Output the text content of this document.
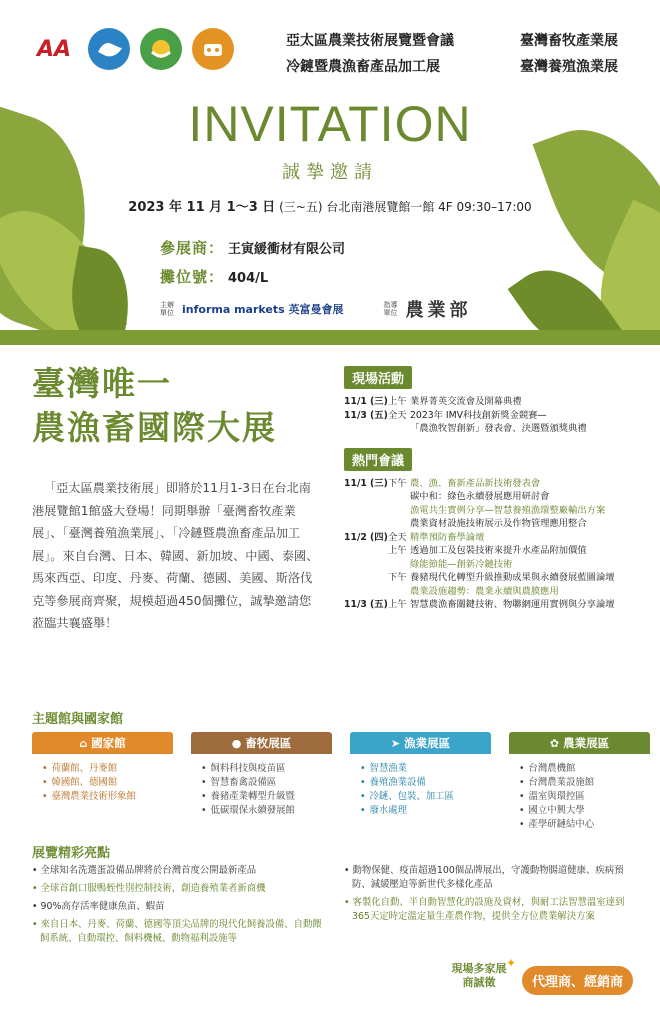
AA	亞太區農業技術展覽暨會議	臺灣畜牧產業展
冷鏈暨農漁畜產品加工展	臺灣養殖漁業展
INVITATION
誠摯邀請
2023 年 11 月 1～3 日 (三~五) 台北南港展覽館一館 4F 09:30–17:00
參展商： 王寅緩衝材有限公司
攤位號： 404/L
主辦單位 informa markets 英富曼會展	指導單位 農業部
臺灣唯一
農漁畜國際大展

「亞太區農業技術展」即將於11月1-3日在台北南港展覽館1館盛大登場！同期舉辦「臺灣畜牧產業展」、「臺灣養殖漁業展」、「冷鏈暨農漁畜產品加工展」。來自台灣、日本、韓國、新加坡、中國、泰國、馬來西亞、印度、丹麥、荷蘭、德國、美國、斯洛伐克等參展商齊聚，規模超過450個攤位，誠摯邀請您蒞臨共襄盛舉！

現場活動
11/1 (三) 上午 業界菁英交流會及開幕典禮
11/3 (五) 全天 2023年 IMV科技創新獎金競賽—
「農漁牧智創新」發表會、決選暨頒獎典禮
熱門會議
11/1 (三) 下午 農、漁、畜新產品新技術發表會
碳中和：綠色永續發展應用研討會
漁電共生實例分享—智慧養殖漁環整廠輸出方案
農業資材設施技術展示及作物管理應用整合
11/2 (四) 全天 精準預防畜學論壇
上午 透過加工及包裝技術來提升水產品附加價值
綠能節能—創新冷鏈技術
下午 養豬現代化轉型升級推動成果與永續發展藍圖論壇
農業設施趨勢：農業永續與農膜應用
11/3 (五) 上午 智慧農漁畜關鍵技術、物聯網運用實例與分享論壇
主題館與國家館
⌂ 國家館
• 荷蘭館、丹麥館
• 韓國館、德國館
• 臺灣農業技術形象館
● 畜牧展區
• 飼料科技與疫苗區
• 智慧畜禽設備區
• 養豬產業轉型升級暨
• 低碳環保永續發展館
➤ 漁業展區
• 智慧漁業
• 養殖漁業設備
• 冷鏈、包裝、加工區
• 廢水處理
✿ 農業展區
• 台灣農機館
• 台灣農業設施館
• 溫室與環控區
• 國立中興大學
• 產學研鏈結中心
展覽精彩亮點
• 全球知名洗選蛋設備品牌將於台灣首度公開最新產品
• 全球首創口服鴨蛭性別控制技術，創造養殖業者新商機
• 90%高存活率健康魚苗、蝦苗
• 來自日本、丹麥、荷蘭、德國等頂尖品牌的現代化飼養設備、自動餵飼系統、自動環控、飼料機械、動物福利設施等
• 動物保健、疫苗超過100個品牌展出，守護動物腸道健康、疾病預防、減緩壓迫等新世代多樣化產品
• 客製化自動、半自動智慧化的設施及資材，與耐工法智慧溫室達到365天定時定溫定量生產農作物，提供全方位農業解決方案
現場多家展商誠徵
✦
代理商、經銷商
